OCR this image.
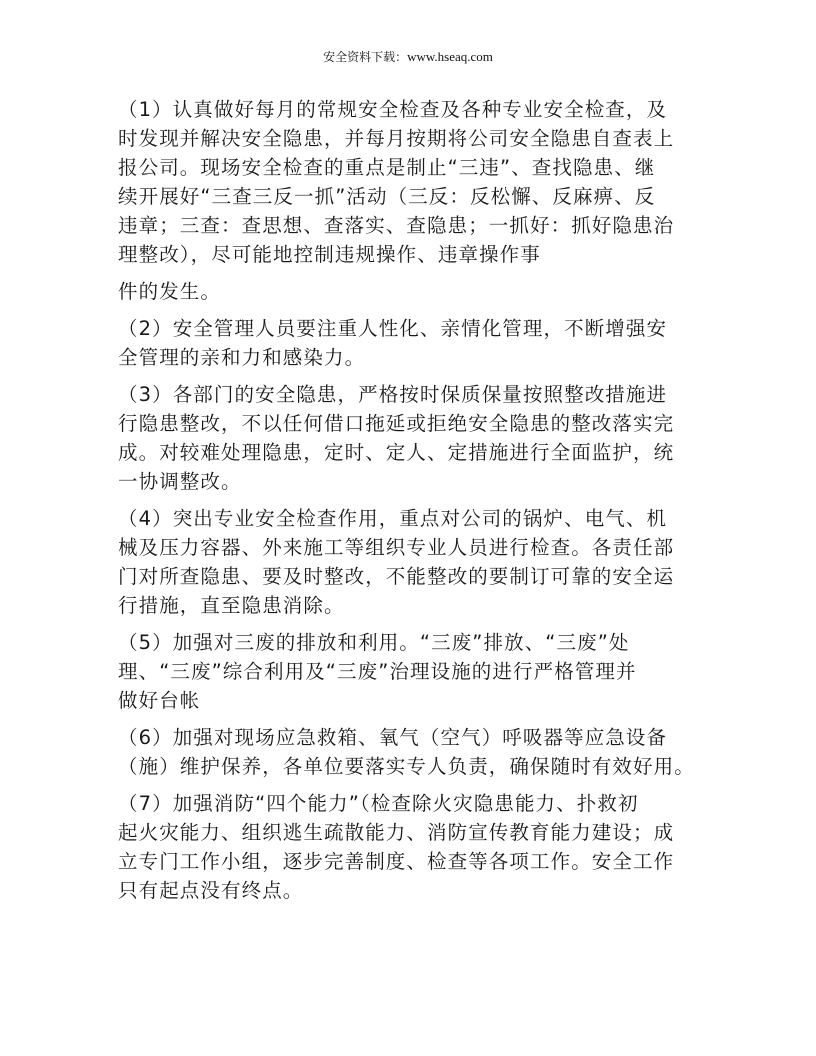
安全资料下载：www.hseaq.com

（1）认真做好每月的常规安全检查及各种专业安全检查，及
时发现并解决安全隐患，并每月按期将公司安全隐患自查表上
报公司。现场安全检查的重点是制止“三违”、查找隐患、继
续开展好“三查三反一抓”活动（三反：反松懈、反麻痹、反
违章；三查：查思想、查落实、查隐患；一抓好：抓好隐患治
理整改），尽可能地控制违规操作、违章操作事

件的发生。

（2）安全管理人员要注重人性化、亲情化管理，不断增强安
全管理的亲和力和感染力。

（3）各部门的安全隐患，严格按时保质保量按照整改措施进
行隐患整改，不以任何借口拖延或拒绝安全隐患的整改落实完
成。对较难处理隐患，定时、定人、定措施进行全面监护，统
一协调整改。

（4）突出专业安全检查作用，重点对公司的锅炉、电气、机
械及压力容器、外来施工等组织专业人员进行检查。各责任部
门对所查隐患、要及时整改，不能整改的要制订可靠的安全运
行措施，直至隐患消除。

（5）加强对三废的排放和利用。“三废”排放、“三废”处
理、“三废”综合利用及“三废”治理设施的进行严格管理并
做好台帐

（6）加强对现场应急救箱、氧气（空气）呼吸器等应急设备
（施）维护保养，各单位要落实专人负责，确保随时有效好用。

（7）加强消防“四个能力”（检查除火灾隐患能力、扑救初
起火灾能力、组织逃生疏散能力、消防宣传教育能力建设；成
立专门工作小组，逐步完善制度、检查等各项工作。安全工作
只有起点没有终点。
